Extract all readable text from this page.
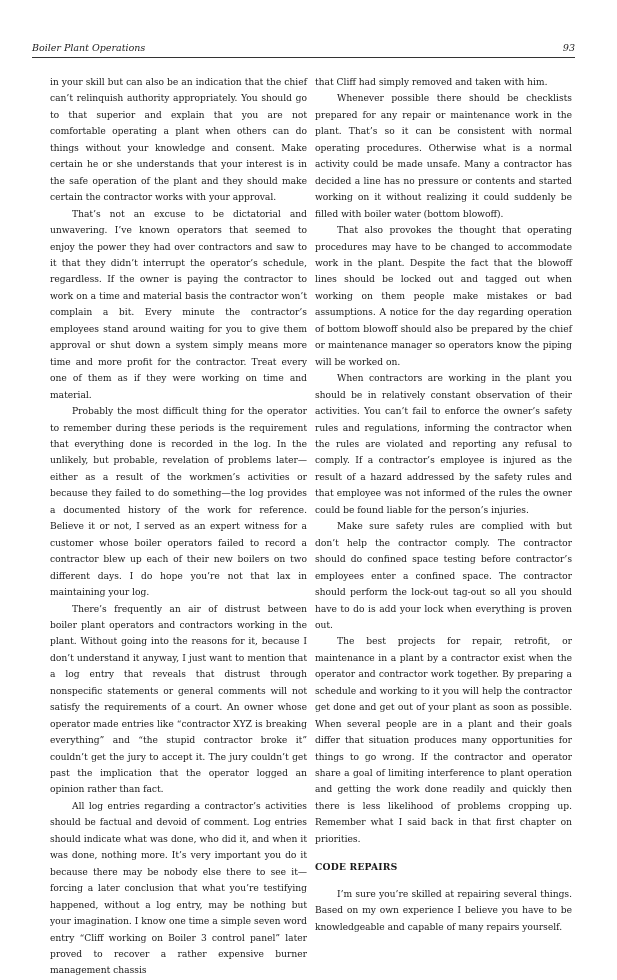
Boiler Plant Operations	93

in your skill but can also be an indication that the chief can’t relinquish authority appropriately. You should go to that superior and explain that you are not comfortable operating a plant when others can do things without your knowledge and consent. Make certain he or she understands that your interest is in the safe operation of the plant and they should make certain the contractor works with your approval.

That’s not an excuse to be dictatorial and unwavering. I’ve known operators that seemed to enjoy the power they had over contractors and saw to it that they didn’t interrupt the operator’s schedule, regardless. If the owner is paying the contractor to work on a time and material basis the contractor won’t complain a bit. Every minute the contractor’s employees stand around waiting for you to give them approval or shut down a system simply means more time and more profit for the contractor. Treat every one of them as if they were working on time and material.

Probably the most difficult thing for the operator to remember during these periods is the requirement that everything done is recorded in the log. In the unlikely, but probable, revelation of problems later—either as a result of the workmen’s activities or because they failed to do something—the log provides a documented history of the work for reference. Believe it or not, I served as an expert witness for a customer whose boiler operators failed to record a contractor blew up each of their new boilers on two different days. I do hope you’re not that lax in maintaining your log.

There’s frequently an air of distrust between boiler plant operators and contractors working in the plant. Without going into the reasons for it, because I don’t understand it anyway, I just want to mention that a log entry that reveals that distrust through nonspecific statements or general comments will not satisfy the requirements of a court. An owner whose operator made entries like “contractor XYZ is breaking everything” and “the stupid contractor broke it” couldn’t get the jury to accept it. The jury couldn’t get past the implication that the operator logged an opinion rather than fact.

All log entries regarding a contractor’s activities should be factual and devoid of comment. Log entries should indicate what was done, who did it, and when it was done, nothing more. It’s very important you do it because there may be nobody else there to see it—forcing a later conclusion that what you’re testifying happened, without a log entry, may be nothing but your imagination. I know one time a simple seven word entry “Cliff working on Boiler 3 control panel” later proved to recover a rather expensive burner management chassis

that Cliff had simply removed and taken with him.

Whenever possible there should be checklists prepared for any repair or maintenance work in the plant. That’s so it can be consistent with normal operating procedures. Otherwise what is a normal activity could be made unsafe. Many a contractor has decided a line has no pressure or contents and started working on it without realizing it could suddenly be filled with boiler water (bottom blowoff).

That also provokes the thought that operating procedures may have to be changed to accommodate work in the plant. Despite the fact that the blowoff lines should be locked out and tagged out when working on them people make mistakes or bad assumptions. A notice for the day regarding operation of bottom blowoff should also be prepared by the chief or maintenance manager so operators know the piping will be worked on.

When contractors are working in the plant you should be in relatively constant observation of their activities. You can’t fail to enforce the owner’s safety rules and regulations, informing the contractor when the rules are violated and reporting any refusal to comply. If a contractor’s employee is injured as the result of a hazard addressed by the safety rules and that employee was not informed of the rules the owner could be found liable for the person’s injuries.

Make sure safety rules are complied with but don’t help the contractor comply. The contractor should do confined space testing before contractor’s employees enter a confined space. The contractor should perform the lock-out tag-out so all you should have to do is add your lock when everything is proven out.

The best projects for repair, retrofit, or maintenance in a plant by a contractor exist when the operator and contractor work together. By preparing a schedule and working to it you will help the contractor get done and get out of your plant as soon as possible. When several people are in a plant and their goals differ that situation produces many opportunities for things to go wrong. If the contractor and operator share a goal of limiting interference to plant operation and getting the work done readily and quickly then there is less likelihood of problems cropping up. Remember what I said back in that first chapter on priorities.

CODE REPAIRS

I’m sure you’re skilled at repairing several things. Based on my own experience I believe you have to be knowledgeable and capable of many repairs yourself.
